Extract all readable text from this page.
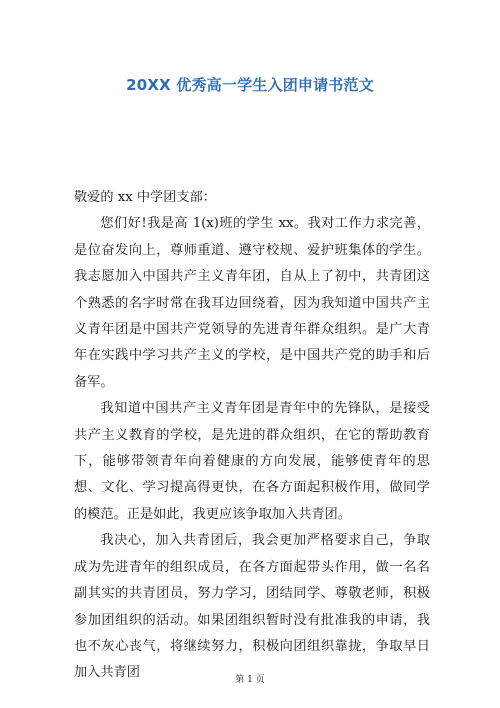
20XX 优秀高一学生入团申请书范文

敬爱的 xx 中学团支部：

您们好!我是高 1(x)班的学生 xx。我对工作力求完善，是位奋发向上，尊师重道、遵守校规、爱护班集体的学生。我志愿加入中国共产主义青年团，自从上了初中，共青团这个熟悉的名字时常在我耳边回绕着，因为我知道中国共产主义青年团是中国共产党领导的先进青年群众组织。是广大青年在实践中学习共产主义的学校，是中国共产党的助手和后备军。

我知道中国共产主义青年团是青年中的先锋队，是接受共产主义教育的学校，是先进的群众组织，在它的帮助教育下，能够带领青年向着健康的方向发展，能够使青年的思想、文化、学习提高得更快，在各方面起积极作用，做同学的模范。正是如此，我更应该争取加入共青团。

我决心，加入共青团后，我会更加严格要求自己，争取成为先进青年的组织成员，在各方面起带头作用，做一名名副其实的共青团员，努力学习，团结同学、尊敬老师，积极参加团组织的活动。如果团组织暂时没有批准我的申请，我也不灰心丧气，将继续努力，积极向团组织靠拢，争取早日加入共青团	第 1 页
